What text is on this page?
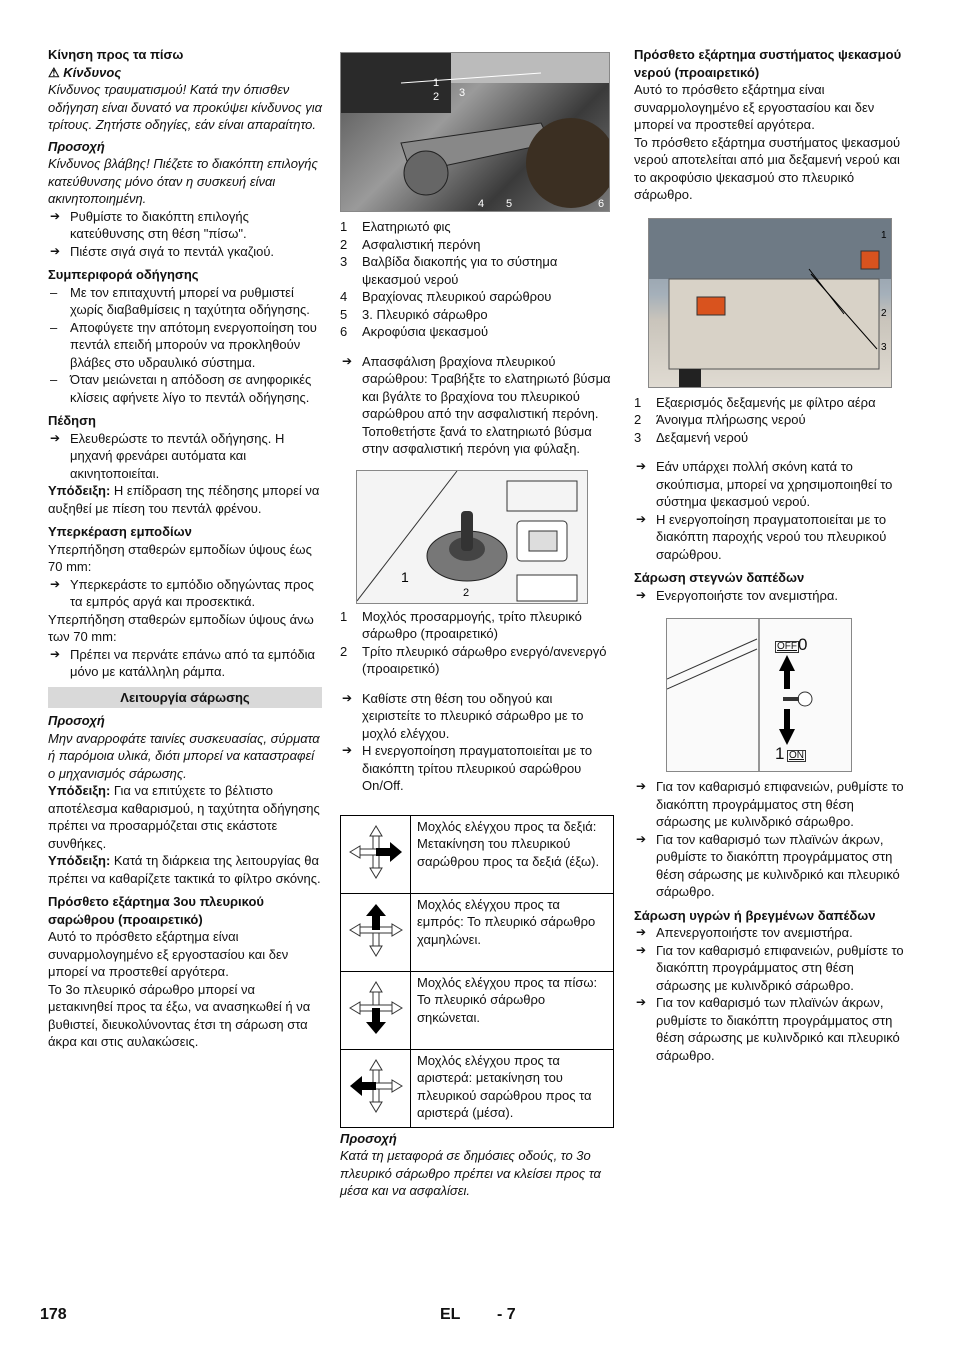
Κίνηση προς τα πίσω

⚠ Κίνδυνος

Κίνδυνος τραυματισμού! Κατά την όπισθεν οδήγηση είναι δυνατό να προκύψει κίνδυνος για τρίτους. Ζητήστε οδηγίες, εάν είναι απαραίτητο.

Προσοχή

Κίνδυνος βλάβης! Πιέζετε το διακόπτη επιλογής κατεύθυνσης μόνο όταν η συσκευή είναι ακινητοποιημένη.

➔ Ρυθμίστε το διακόπτη επιλογής κατεύθυνσης στη θέση "πίσω".

➔ Πιέστε σιγά σιγά το πεντάλ γκαζιού.

Συμπεριφορά οδήγησης

– Με τον επιταχυντή μπορεί να ρυθμιστεί χωρίς διαβαθμίσεις η ταχύτητα οδήγησης.

– Αποφύγετε την απότομη ενεργοποίηση του πεντάλ επειδή μπορούν να προκληθούν βλάβες στο υδραυλικό σύστημα.

– Όταν μειώνεται η απόδοση σε ανηφορικές κλίσεις αφήνετε λίγο το πεντάλ οδήγησης.

Πέδηση

➔ Ελευθερώστε το πεντάλ οδήγησης. Η μηχανή φρενάρει αυτόματα και ακινητοποιείται.

Υπόδειξη: Η επίδραση της πέδησης μπορεί να αυξηθεί με πίεση του πεντάλ φρένου.

Υπερκέραση εμποδίων

Υπερπήδηση σταθερών εμποδίων ύψους έως 70 mm:

➔ Υπερκεράστε το εμπόδιο οδηγώντας προς τα εμπρός αργά και προσεκτικά.

Υπερπήδηση σταθερών εμποδίων ύψους άνω των 70 mm:

➔ Πρέπει να περνάτε επάνω από τα εμπόδια μόνο με κατάλληλη ράμπα.

Λειτουργία σάρωσης

Προσοχή

Μην αναρροφάτε ταινίες συσκευασίας, σύρματα ή παρόμοια υλικά, διότι μπορεί να καταστραφεί ο μηχανισμός σάρωσης.

Υπόδειξη: Για να επιτύχετε το βέλτιστο αποτέλεσμα καθαρισμού, η ταχύτητα οδήγησης πρέπει να προσαρμόζεται στις εκάστοτε συνθήκες.

Υπόδειξη: Κατά τη διάρκεια της λειτουργίας θα πρέπει να καθαρίζετε τακτικά το φίλτρο σκόνης.

Πρόσθετο εξάρτημα 3ου πλευρικού σαρώθρου (προαιρετικό)

Αυτό το πρόσθετο εξάρτημα είναι συναρμολογημένο εξ εργοστασίου και δεν μπορεί να προστεθεί αργότερα.

Το 3ο πλευρικό σάρωθρο μπορεί να μετακινηθεί προς τα έξω, να ανασηκωθεί ή να βυθιστεί, διευκολύνοντας έτσι τη σάρωση στα άκρα και στις αυλακώσεις.

1
2 3
4 5	6

1 Ελατηριωτό φις

2 Ασφαλιστική περόνη

3 Βαλβίδα διακοπής για το σύστημα ψεκασμού νερού

4 Βραχίονας πλευρικού σαρώθρου

5 3. Πλευρικό σάρωθρο

6 Ακροφύσια ψεκασμού

➔ Απασφάλιση βραχίονα πλευρικού σαρώθρου: Τραβήξτε το ελατηριωτό βύσμα και βγάλτε το βραχίονα του πλευρικού σαρώθρου από την ασφαλιστική περόνη.

Τοποθετήστε ξανά το ελατηριωτό βύσμα στην ασφαλιστική περόνη για φύλαξη.

1
2

1 Μοχλός προσαρμογής, τρίτο πλευρικό σάρωθρο (προαιρετικό)

2 Τρίτο πλευρικό σάρωθρο ενεργό/ανενεργό (προαιρετικό)

➔ Καθίστε στη θέση του οδηγού και χειριστείτε το πλευρικό σάρωθρο με το μοχλό ελέγχου.

➔ Η ενεργοποίηση πραγματοποιείται με το διακόπτη τρίτου πλευρικού σαρώθρου On/Off.

	Μοχλός ελέγχου προς τα δεξιά: Μετακίνηση του πλευρικού σαρώθρου προς τα δεξιά (έξω).
	Μοχλός ελέγχου προς τα εμπρός: Το πλευρικό σάρωθρο χαμηλώνει.
	Μοχλός ελέγχου προς τα πίσω: Το πλευρικό σάρωθρο σηκώνεται.
	Μοχλός ελέγχου προς τα αριστερά: μετακίνηση του πλευρικού σαρώθρου προς τα αριστερά (μέσα).

Προσοχή

Κατά τη μεταφορά σε δημόσιες οδούς, το 3ο πλευρικό σάρωθρο πρέπει να κλείσει προς τα μέσα και να ασφαλίσει.

Πρόσθετο εξάρτημα συστήματος ψεκασμού νερού (προαιρετικό)

Αυτό το πρόσθετο εξάρτημα είναι συναρμολογημένο εξ εργοστασίου και δεν μπορεί να προστεθεί αργότερα.

Το πρόσθετο εξάρτημα συστήματος ψεκασμού νερού αποτελείται από μια δεξαμενή νερού και το ακροφύσιο ψεκασμού στο πλευρικό σάρωθρο.

1
2
3

1 Εξαερισμός δεξαμενής με φίλτρο αέρα

2 Άνοιγμα πλήρωσης νερού

3 Δεξαμενή νερού

➔ Εάν υπάρχει πολλή σκόνη κατά το σκούπισμα, μπορεί να χρησιμοποιηθεί το σύστημα ψεκασμού νερού.

➔ Η ενεργοποίηση πραγματοποιείται με το διακόπτη παροχής νερού του πλευρικού σαρώθρου.

Σάρωση στεγνών δαπέδων

➔ Ενεργοποιήστε τον ανεμιστήρα.

OFF 0
1 ON

➔ Για τον καθαρισμό επιφανειών, ρυθμίστε το διακόπτη προγράμματος στη θέση σάρωσης με κυλινδρικό σάρωθρο.

➔ Για τον καθαρισμό των πλαϊνών άκρων, ρυθμίστε το διακόπτη προγράμματος στη θέση σάρωσης με κυλινδρικό και πλευρικό σάρωθρο.

Σάρωση υγρών ή βρεγμένων δαπέδων

➔ Απενεργοποιήστε τον ανεμιστήρα.

➔ Για τον καθαρισμό επιφανειών, ρυθμίστε το διακόπτη προγράμματος στη θέση σάρωσης με κυλινδρικό σάρωθρο.

➔ Για τον καθαρισμό των πλαϊνών άκρων, ρυθμίστε το διακόπτη προγράμματος στη θέση σάρωσης με κυλινδρικό και πλευρικό σάρωθρο.

178	EL - 7
